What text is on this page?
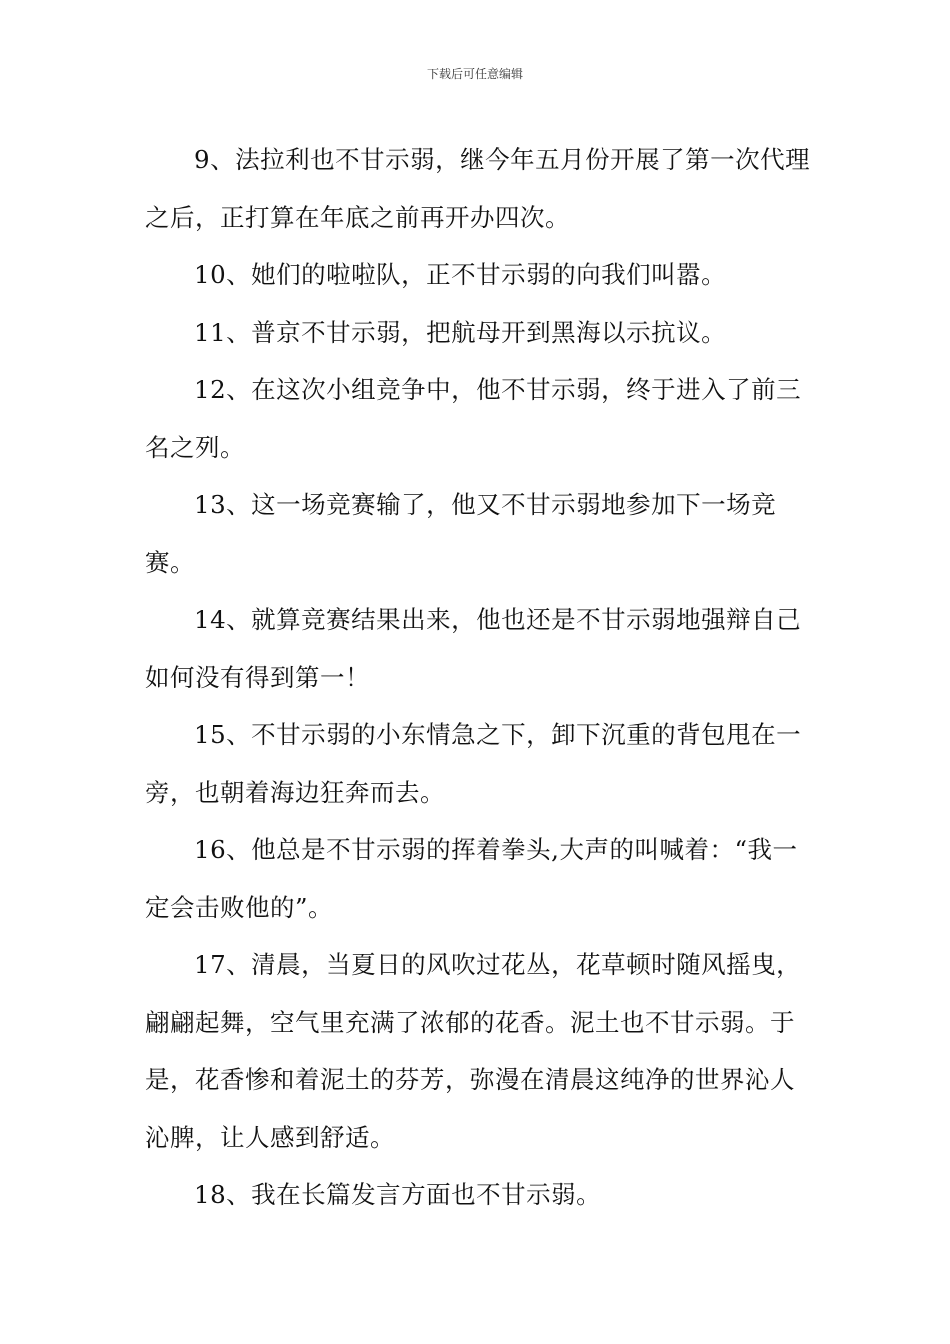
下载后可任意编辑

9、法拉利也不甘示弱，继今年五月份开展了第一次代理之后，正打算在年底之前再开办四次。

10、她们的啦啦队，正不甘示弱的向我们叫嚣。

11、普京不甘示弱，把航母开到黑海以示抗议。

12、在这次小组竞争中，他不甘示弱，终于进入了前三名之列。

13、这一场竞赛输了，他又不甘示弱地参加下一场竞赛。

14、就算竞赛结果出来，他也还是不甘示弱地强辩自己如何没有得到第一！

15、不甘示弱的小东情急之下，卸下沉重的背包甩在一旁，也朝着海边狂奔而去。

16、他总是不甘示弱的挥着拳头,大声的叫喊着：“我一定会击败他的”。

17、清晨，当夏日的风吹过花丛，花草顿时随风摇曳，翩翩起舞，空气里充满了浓郁的花香。泥土也不甘示弱。于是，花香惨和着泥土的芬芳，弥漫在清晨这纯净的世界沁人沁脾，让人感到舒适。

18、我在长篇发言方面也不甘示弱。
